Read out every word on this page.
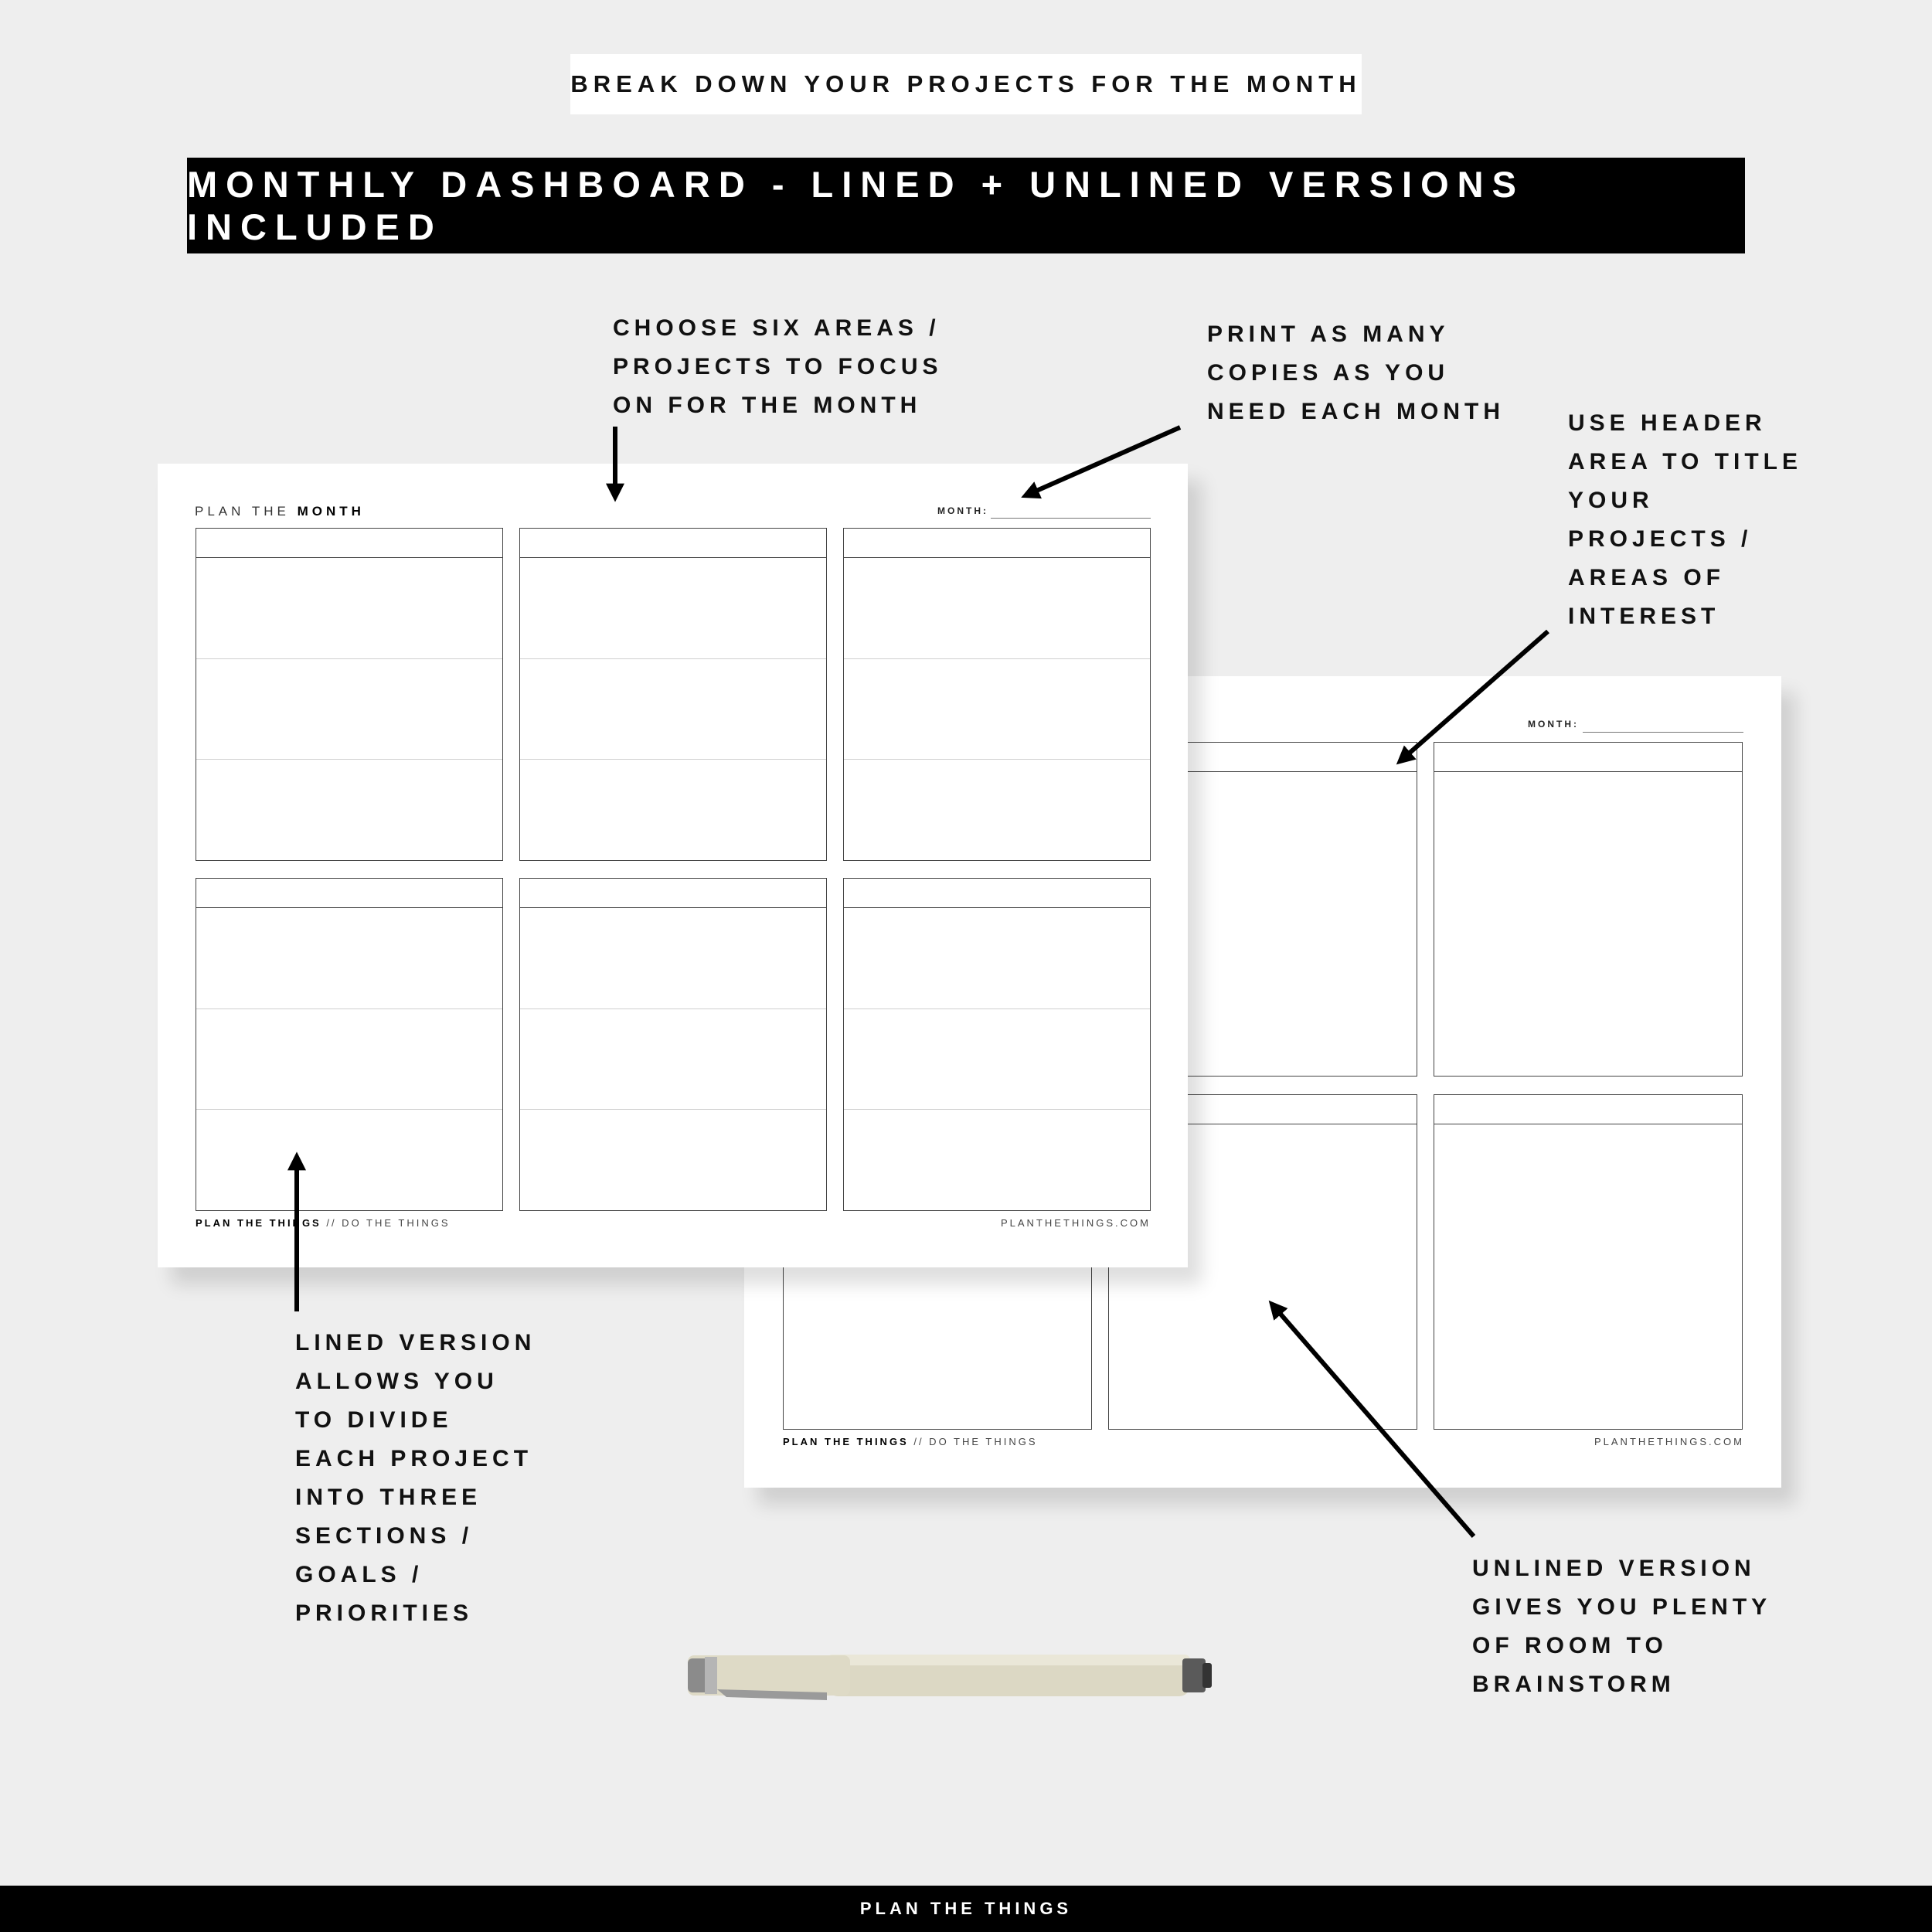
BREAK DOWN YOUR PROJECTS FOR THE MONTH
MONTHLY DASHBOARD - LINED + UNLINED VERSIONS INCLUDED
MONTH:
PLAN THE THINGS // DO THE THINGS	PLANTHETHINGS.COM
PLAN THE MONTH	MONTH:
PLAN THE THINGS // DO THE THINGS	PLANTHETHINGS.COM
CHOOSE SIX AREAS /
PROJECTS TO FOCUS
ON FOR THE MONTH
PRINT AS MANY
COPIES AS YOU
NEED EACH MONTH	USE HEADER
AREA TO TITLE
YOUR
PROJECTS /
AREAS OF
INTEREST
LINED VERSION
ALLOWS YOU
TO DIVIDE
EACH PROJECT
INTO THREE
SECTIONS /
GOALS /
PRIORITIES
UNLINED VERSION
GIVES YOU PLENTY
OF ROOM TO
BRAINSTORM
PLAN THE THINGS
